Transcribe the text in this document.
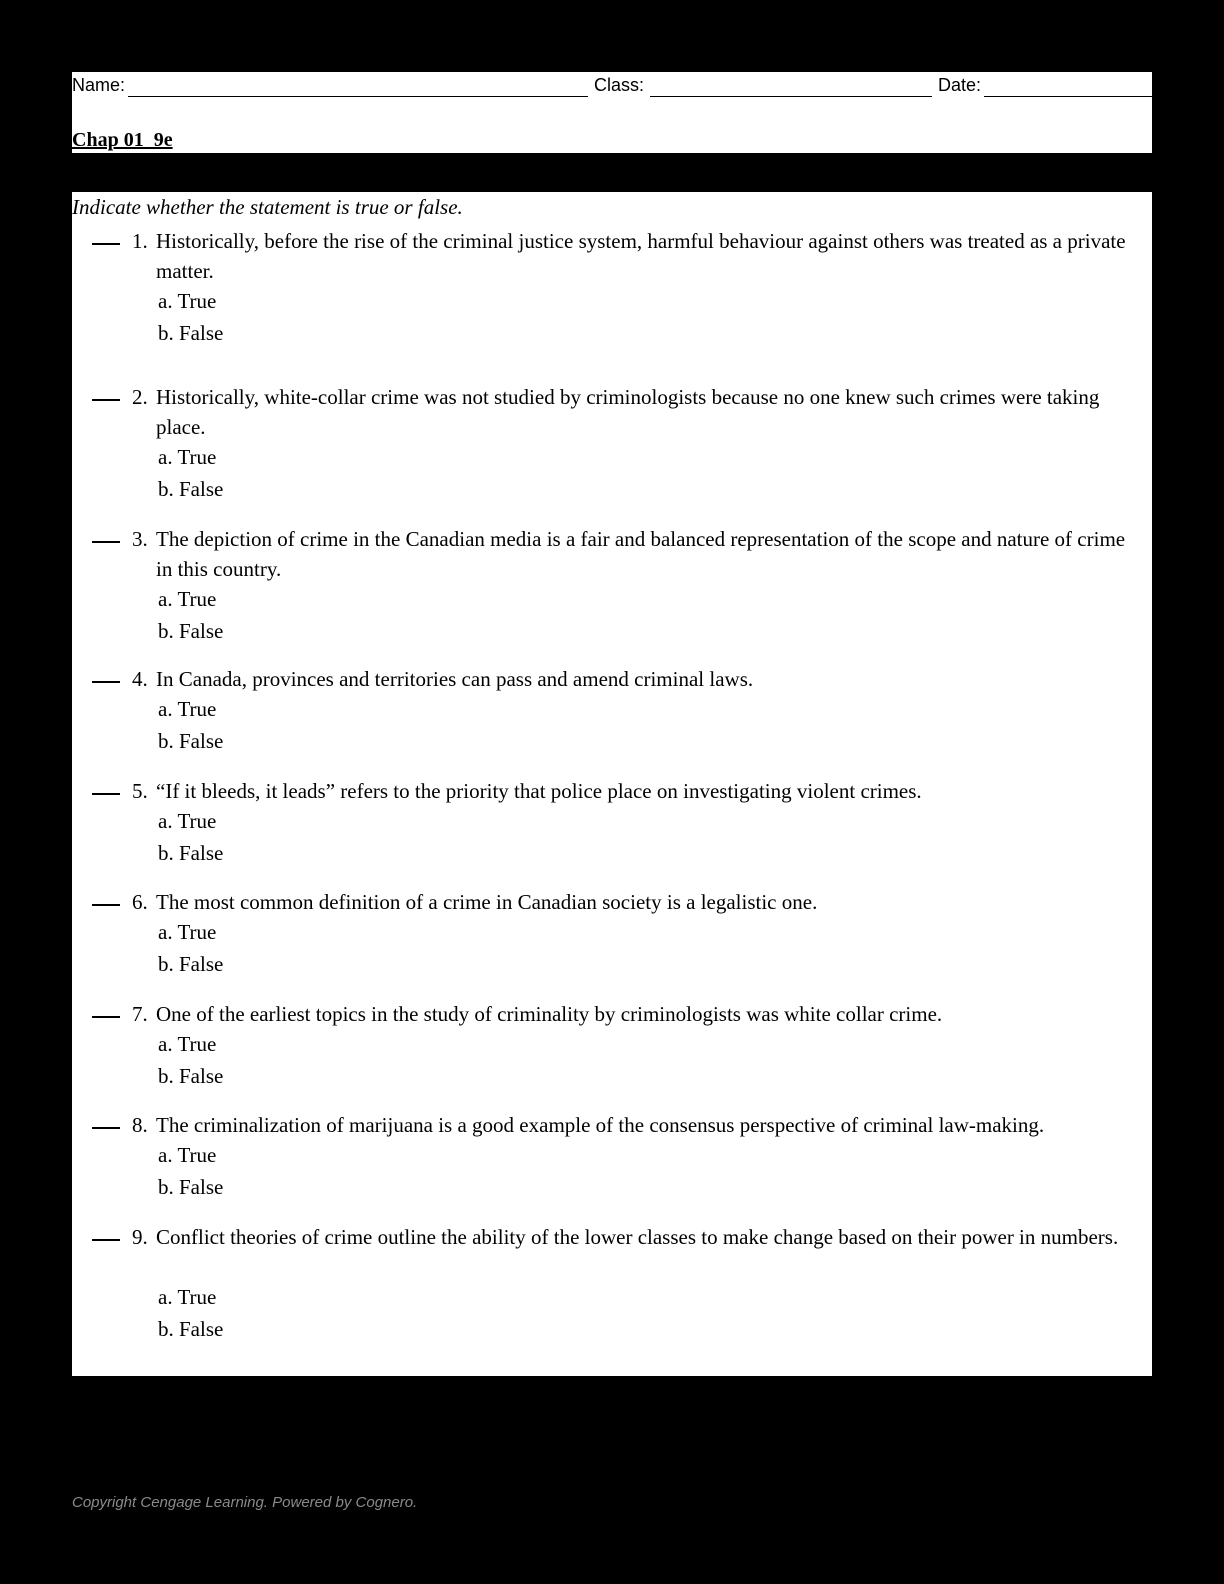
Name:	Class:	Date:
Chap 01_9e
Indicate whether the statement is true or false.
1. Historically, before the rise of the criminal justice system, harmful behaviour against others was treated as a private matter.
a. True
b. False
2. Historically, white-collar crime was not studied by criminologists because no one knew such crimes were taking place.
a. True
b. False
3. The depiction of crime in the Canadian media is a fair and balanced representation of the scope and nature of crime in this country.
a. True
b. False
4. In Canada, provinces and territories can pass and amend criminal laws.
a. True
b. False
5. “If it bleeds, it leads” refers to the priority that police place on investigating violent crimes.
a. True
b. False
6. The most common definition of a crime in Canadian society is a legalistic one.
a. True
b. False
7. One of the earliest topics in the study of criminality by criminologists was white collar crime.
a. True
b. False
8. The criminalization of marijuana is a good example of the consensus perspective of criminal law-making.
a. True
b. False
9. Conflict theories of crime outline the ability of the lower classes to make change based on their power in numbers.
a. True
b. False
Copyright Cengage Learning. Powered by Cognero.
